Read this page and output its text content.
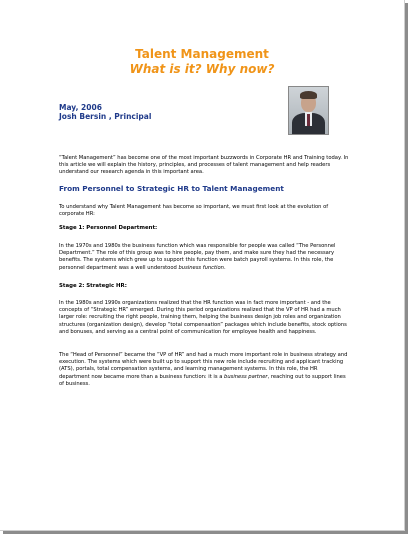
Talent Management
What is it? Why now?
May, 2006
Josh Bersin , Principal

“Talent Management” has become one of the most important buzzwords in Corporate HR and Training today. In this article we will explain the history, principles, and processes of talent management and help readers understand our research agenda in this important area.

From Personnel to Strategic HR to Talent Management

To understand why Talent Management has become so important, we must first look at the evolution of corporate HR:

Stage 1: Personnel Department:

In the 1970s and 1980s the business function which was responsible for people was called “The Personnel Department.” The role of this group was to hire people, pay them, and make sure they had the necessary benefits. The systems which grew up to support this function were batch payroll systems. In this role, the personnel department was a well understood business function.

Stage 2: Strategic HR:

In the 1980s and 1990s organizations realized that the HR function was in fact more important - and the concepts of “Strategic HR” emerged. During this period organizations realized that the VP of HR had a much larger role: recruiting the right people, training them, helping the business design job roles and organization structures (organization design), develop “total compensation” packages which include benefits, stock options and bonuses, and serving as a central point of communication for employee health and happiness.

The “Head of Personnel” became the “VP of HR” and had a much more important role in business strategy and execution. The systems which were built up to support this new role include recruiting and applicant tracking (ATS), portals, total compensation systems, and learning management systems. In this role, the HR department now became more than a business function: it is a business partner, reaching out to support lines of business.
